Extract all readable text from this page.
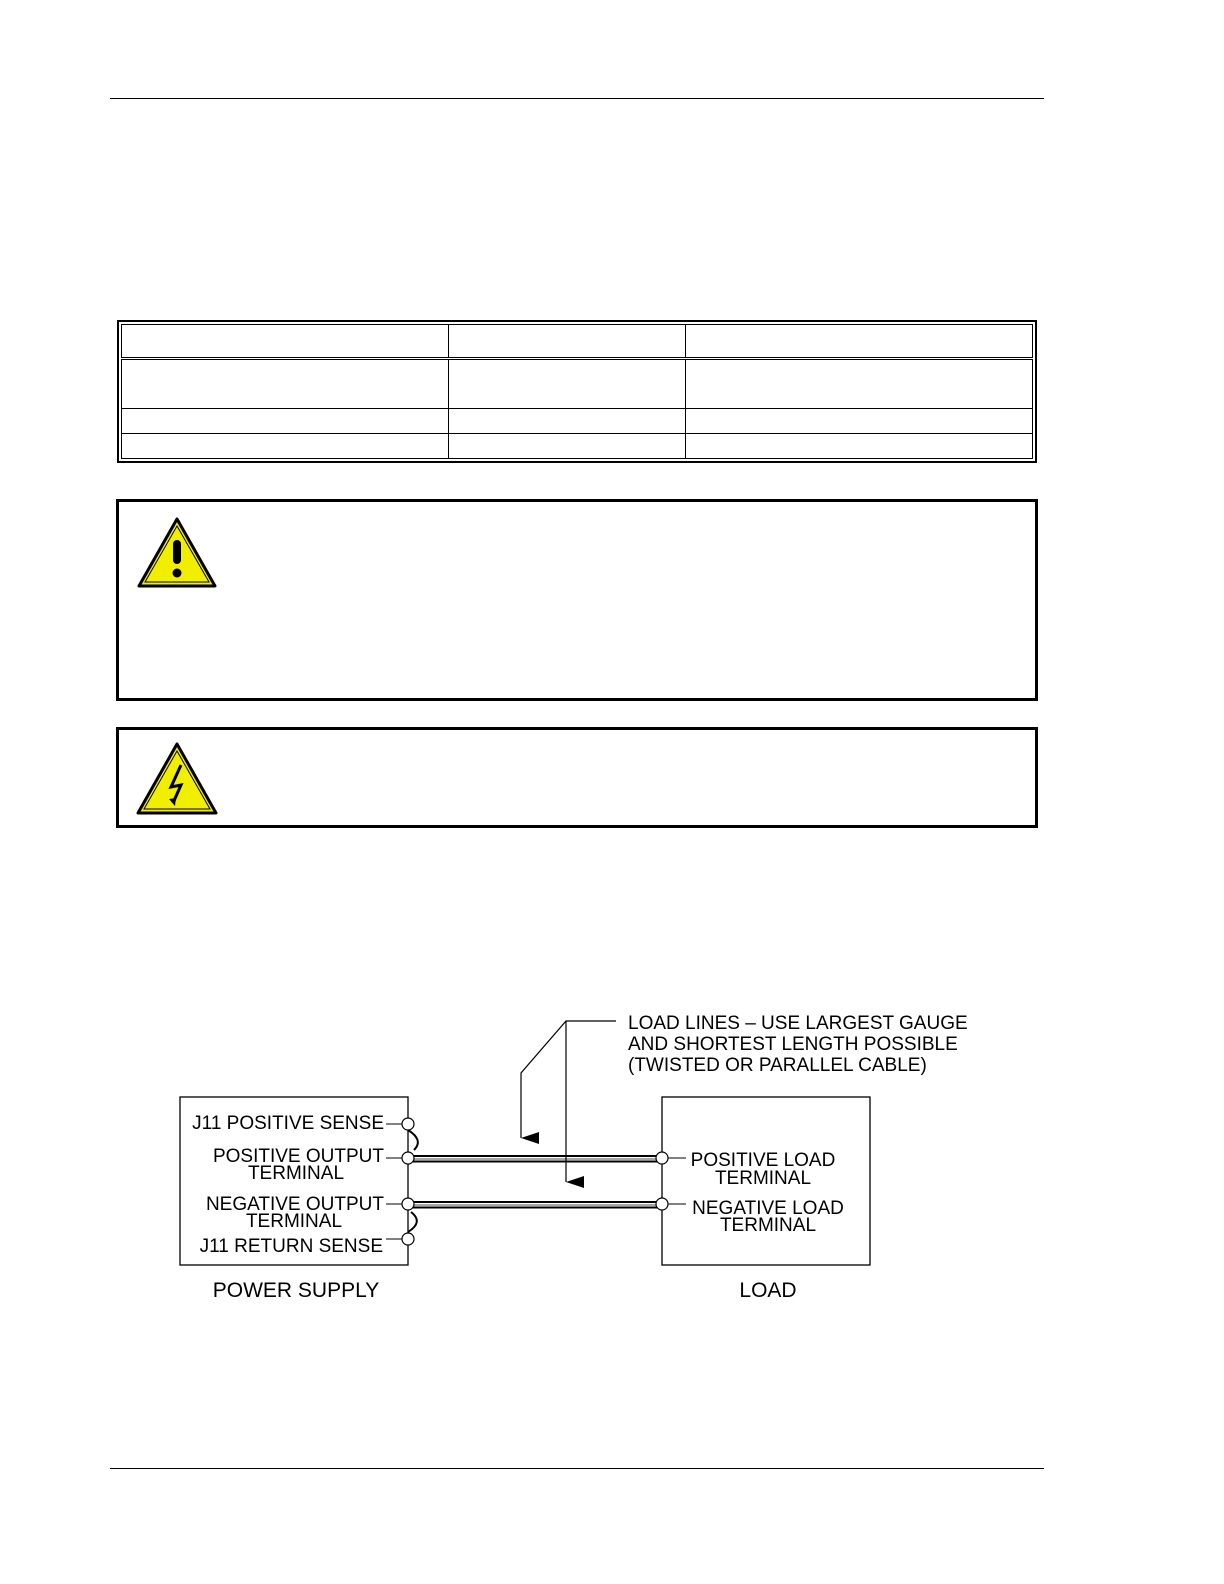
LOAD LINES – USE LARGEST GAUGE
AND SHORTEST LENGTH POSSIBLE
(TWISTED OR PARALLEL CABLE)
J11 POSITIVE SENSE
POSITIVE OUTPUT
TERMINAL
NEGATIVE OUTPUT
TERMINAL
J11 RETURN SENSE
POWER SUPPLY
POSITIVE LOAD
TERMINAL
NEGATIVE LOAD
TERMINAL
LOAD
